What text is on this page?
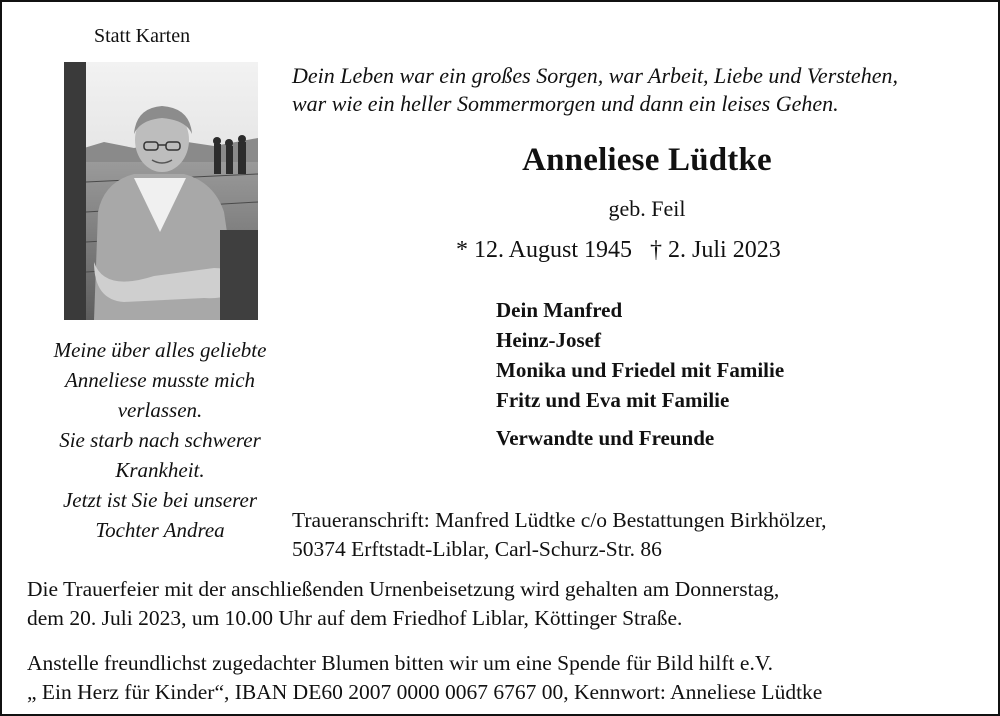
Statt Karten
Dein Leben war ein großes Sorgen, war Arbeit, Liebe und Verstehen,
war wie ein heller Sommermorgen und dann ein leises Gehen.
Anneliese Lüdtke
geb. Feil
* 12. August 1945 † 2. Juli 2023
Dein Manfred
Heinz-Josef
Monika und Friedel mit Familie
Fritz und Eva mit Familie
Verwandte und Freunde
Meine über alles geliebte
Anneliese musste mich
verlassen.
Sie starb nach schwerer
Krankheit.
Jetzt ist Sie bei unserer
Tochter Andrea	Traueranschrift: Manfred Lüdtke c/o Bestattungen Birkhölzer,
50374 Erftstadt-Liblar, Carl-Schurz-Str. 86
Die Trauerfeier mit der anschließenden Urnenbeisetzung wird gehalten am Donnerstag,
dem 20. Juli 2023, um 10.00 Uhr auf dem Friedhof Liblar, Köttinger Straße.
Anstelle freundlichst zugedachter Blumen bitten wir um eine Spende für Bild hilft e.V.
„ Ein Herz für Kinder“, IBAN DE60 2007 0000 0067 6767 00, Kennwort: Anneliese Lüdtke
